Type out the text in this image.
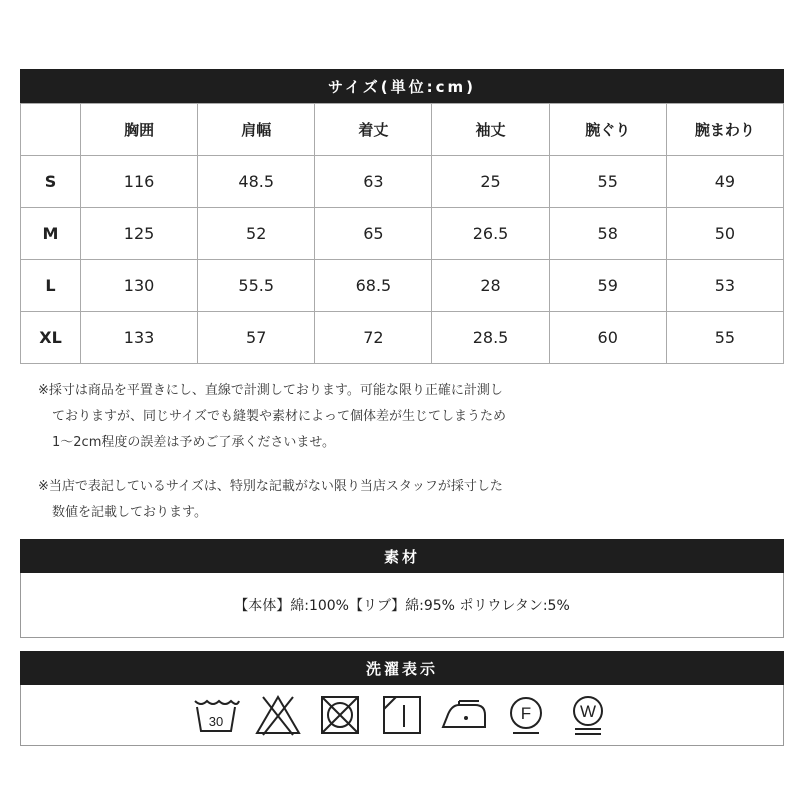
サイズ(単位:cm)
	胸囲	肩幅	着丈	袖丈	腕ぐり	腕まわり
S	116	48.5	63	25	55	49
M	125	52	65	26.5	58	50
L	130	55.5	68.5	28	59	53
XL	133	57	72	28.5	60	55

※採寸は商品を平置きにし、直線で計測しております。可能な限り正確に計測し

ておりますが、同じサイズでも縫製や素材によって個体差が生じてしまうため

1〜2cm程度の誤差は予めご了承くださいませ。

※当店で表記しているサイズは、特別な記載がない限り当店スタッフが採寸した

数値を記載しております。

素材
【本体】綿:100%【リブ】綿:95% ポリウレタン:5%
洗濯表示
30	F	W
